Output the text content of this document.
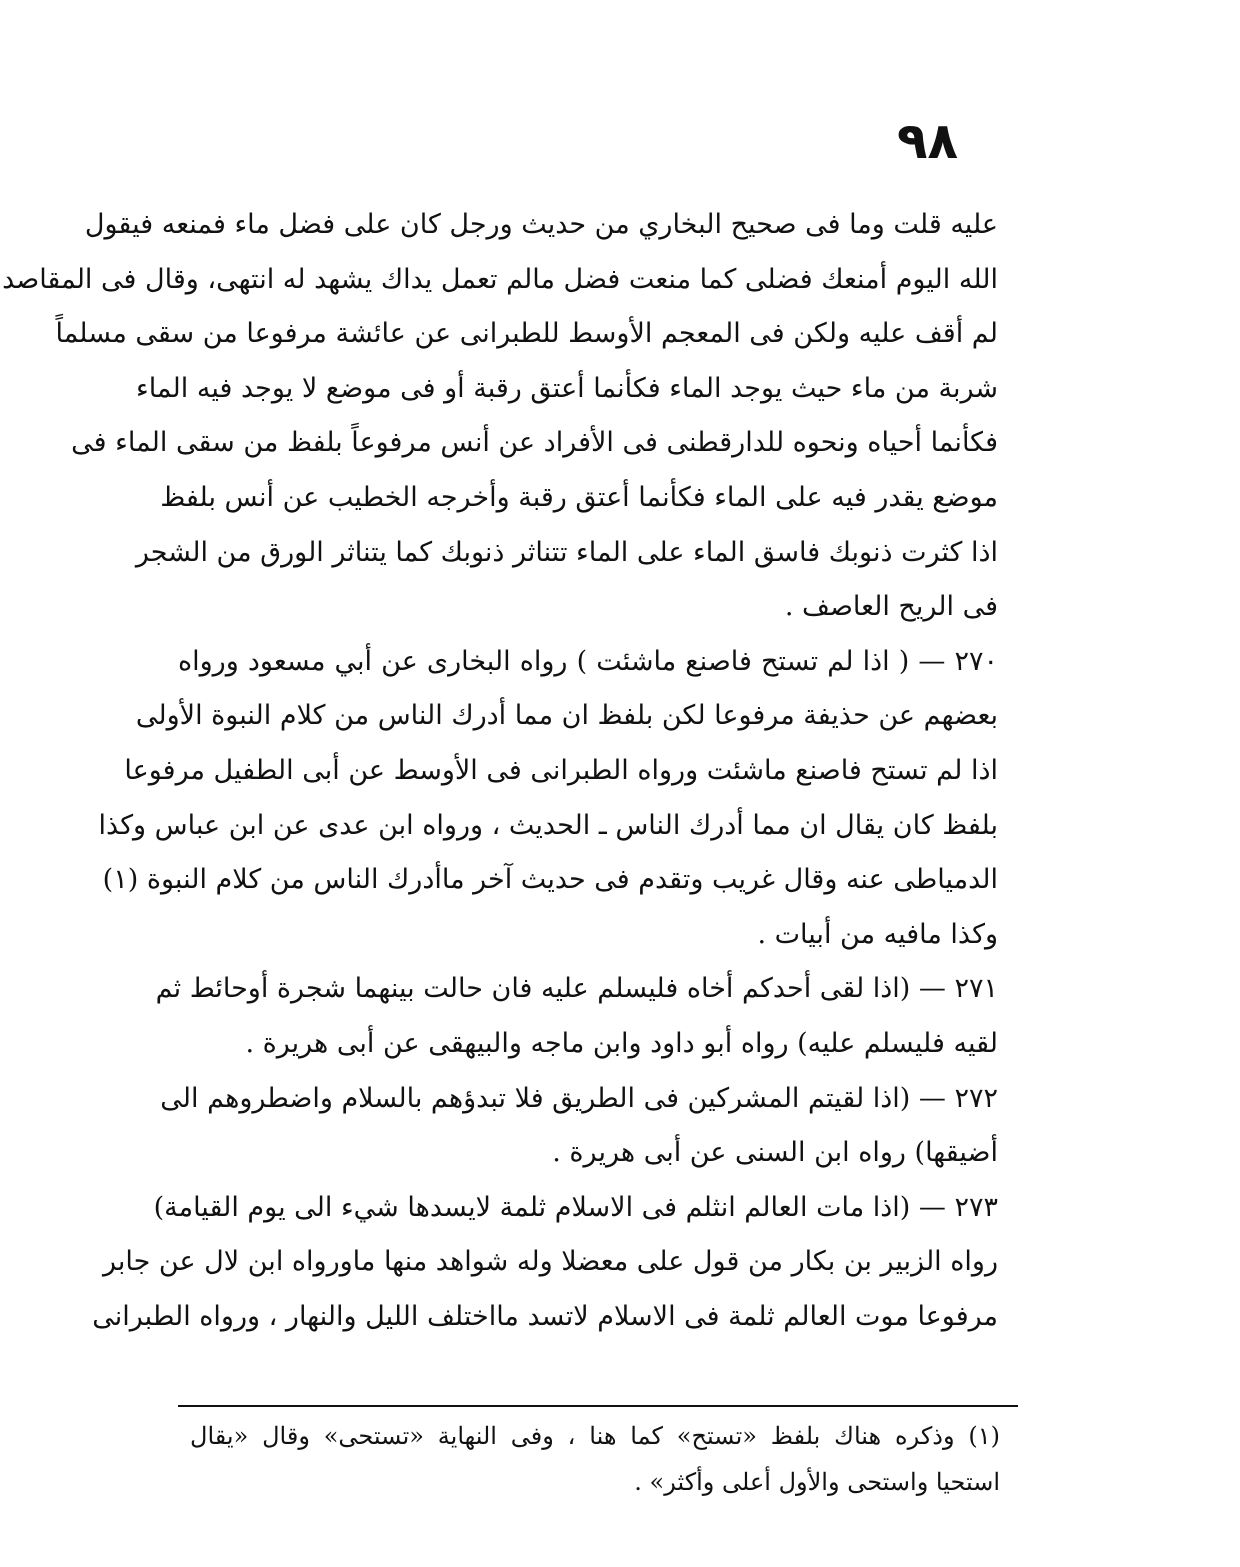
٩٨
عليه قلت وما فى صحيح البخاري من حديث ورجل كان على فضل ماء فمنعه فيقول
الله اليوم أمنعك فضلى كما منعت فضل مالم تعمل يداك يشهد له انتهى، وقال فى المقاصد
لم أقف عليه ولكن فى المعجم الأوسط للطبرانى عن عائشة مرفوعا من سقى مسلماً
شربة من ماء حيث يوجد الماء فكأنما أعتق رقبة أو فى موضع لا يوجد فيه الماء
فكأنما أحياه ونحوه للدارقطنى فى الأفراد عن أنس مرفوعاً بلفظ من سقى الماء فى
موضع يقدر فيه على الماء فكأنما أعتق رقبة وأخرجه الخطيب عن أنس بلفظ
اذا كثرت ذنوبك فاسق الماء على الماء تتناثر ذنوبك كما يتناثر الورق من الشجر
فى الريح العاصف .
٢٧٠ — ( اذا لم تستح فاصنع ماشئت ) رواه البخارى عن أبي مسعود ورواه
بعضهم عن حذيفة مرفوعا لكن بلفظ ان مما أدرك الناس من كلام النبوة الأولى
اذا لم تستح فاصنع ماشئت ورواه الطبرانى فى الأوسط عن أبى الطفيل مرفوعا
بلفظ كان يقال ان مما أدرك الناس ـ الحديث ، ورواه ابن عدى عن ابن عباس وكذا
الدمياطى عنه وقال غريب وتقدم فى حديث آخر ماأدرك الناس من كلام النبوة (١)
وكذا مافيه من أبيات .
٢٧١ — (اذا لقى أحدكم أخاه فليسلم عليه فان حالت بينهما شجرة أوحائط ثم
لقيه فليسلم عليه) رواه أبو داود وابن ماجه والبيهقى عن أبى هريرة .
٢٧٢ — (اذا لقيتم المشركين فى الطريق فلا تبدؤهم بالسلام واضطروهم الى
أضيقها) رواه ابن السنى عن أبى هريرة .
٢٧٣ — (اذا مات العالم انثلم فى الاسلام ثلمة لايسدها شيء الى يوم القيامة)
رواه الزبير بن بكار من قول على معضلا وله شواهد منها ماورواه ابن لال عن جابر
مرفوعا موت العالم ثلمة فى الاسلام لاتسد مااختلف الليل والنهار ، ورواه الطبرانى
(١) وذكره هناك بلفظ «تستح» كما هنا ، وفى النهاية «تستحى» وقال «يقال
استحيا واستحى والأول أعلى وأكثر» .
